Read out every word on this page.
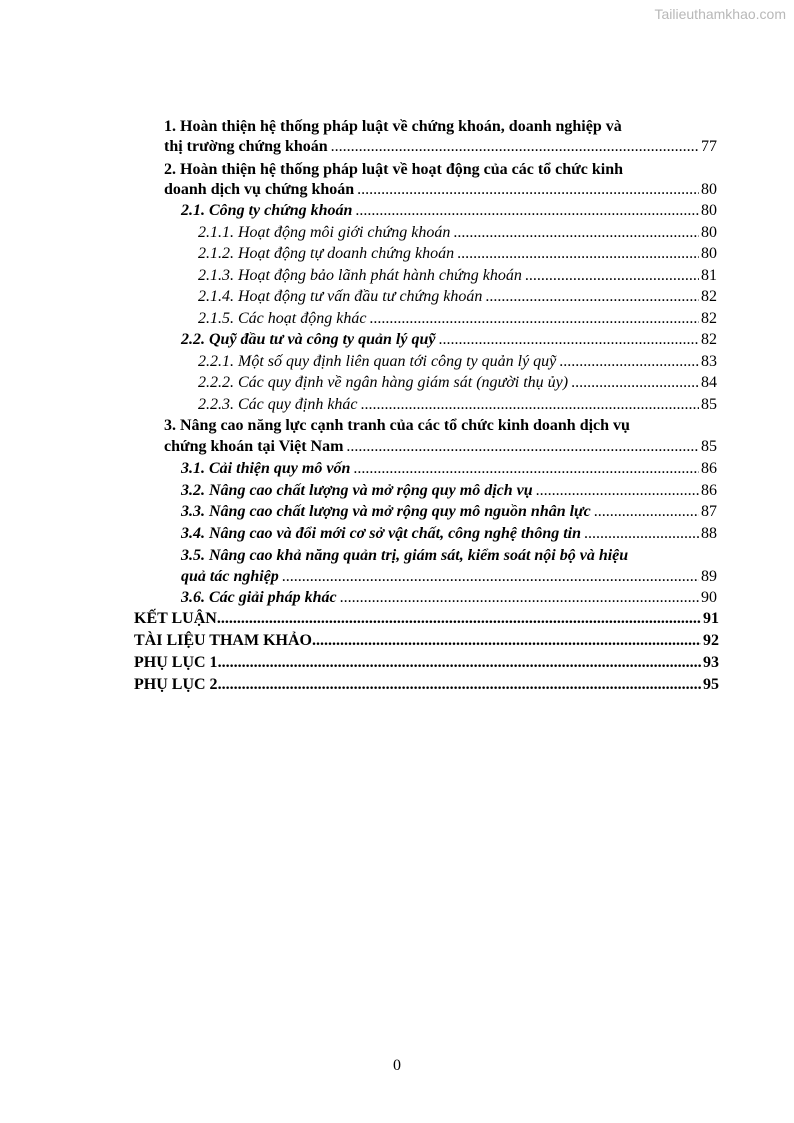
Tailieuthamkhao.com
1. Hoàn thiện hệ thống pháp luật về chứng khoán, doanh nghiệp và
thị trường chứng khoán .....	77
2. Hoàn thiện hệ thống pháp luật về hoạt động của các tổ chức kinh
doanh dịch vụ chứng khoán .....	80
2.1. Công ty chứng khoán .....	80
2.1.1. Hoạt động môi giới chứng khoán .....	80
2.1.2. Hoạt động tự doanh chứng khoán .....	80
2.1.3. Hoạt động bảo lãnh phát hành chứng khoán .....	81
2.1.4. Hoạt động tư vấn đầu tư chứng khoán .....	82
2.1.5. Các hoạt động khác .....	82
2.2. Quỹ đầu tư và công ty quản lý quỹ .....	82
2.2.1. Một số quy định liên quan tới công ty quản lý quỹ .....	83
2.2.2. Các quy định về ngân hàng giám sát (người thụ ủy) .....	84
2.2.3. Các quy định khác .....	85
3. Nâng cao năng lực cạnh tranh của các tổ chức kinh doanh dịch vụ
chứng khoán tại Việt Nam .....	85
3.1. Cải thiện quy mô vốn .....	86
3.2. Nâng cao chất lượng và mở rộng quy mô dịch vụ .....	86
3.3. Nâng cao chất lượng và mở rộng quy mô nguồn nhân lực .....	87
3.4. Nâng cao và đổi mới cơ sở vật chất, công nghệ thông tin .....	88
3.5. Nâng cao khả năng quản trị, giám sát, kiểm soát nội bộ và hiệu
quả tác nghiệp .....	89
3.6. Các giải pháp khác .....	90
KẾT LUẬN .....	91
TÀI LIỆU THAM KHẢO .....	92
PHỤ LỤC 1 .....	93
PHỤ LỤC 2 .....	95
0
